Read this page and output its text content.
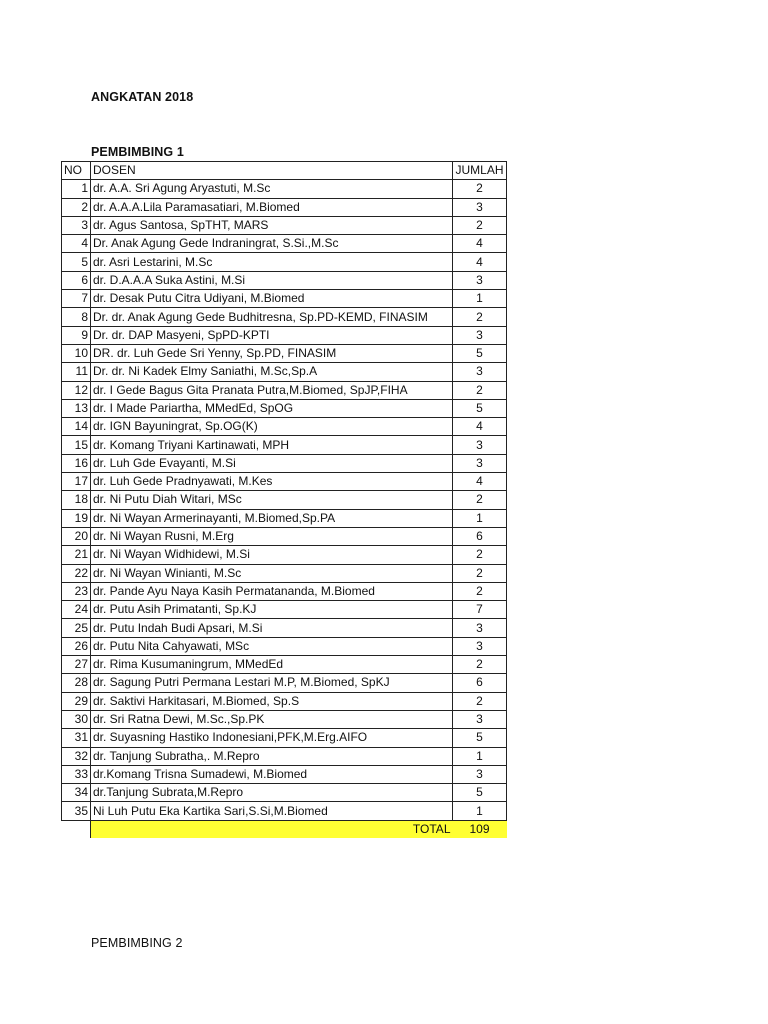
ANGKATAN 2018
PEMBIMBING 1
NO	DOSEN	JUMLAH
1	dr. A.A. Sri Agung Aryastuti, M.Sc	2
2	dr. A.A.A.Lila Paramasatiari, M.Biomed	3
3	dr. Agus Santosa, SpTHT, MARS	2
4	Dr. Anak Agung Gede Indraningrat, S.Si.,M.Sc	4
5	dr. Asri Lestarini, M.Sc	4
6	dr. D.A.A.A Suka Astini, M.Si	3
7	dr. Desak Putu Citra Udiyani, M.Biomed	1
8	Dr. dr. Anak Agung Gede Budhitresna, Sp.PD-KEMD, FINASIM	2
9	Dr. dr. DAP Masyeni, SpPD-KPTI	3
10	DR. dr. Luh Gede Sri Yenny, Sp.PD, FINASIM	5
11	Dr. dr. Ni Kadek Elmy Saniathi, M.Sc,Sp.A	3
12	dr. I Gede Bagus Gita Pranata Putra,M.Biomed, SpJP,FIHA	2
13	dr. I Made Pariartha, MMedEd, SpOG	5
14	dr. IGN Bayuningrat, Sp.OG(K)	4
15	dr. Komang Triyani Kartinawati, MPH	3
16	dr. Luh Gde Evayanti, M.Si	3
17	dr. Luh Gede Pradnyawati, M.Kes	4
18	dr. Ni Putu Diah Witari, MSc	2
19	dr. Ni Wayan Armerinayanti, M.Biomed,Sp.PA	1
20	dr. Ni Wayan Rusni, M.Erg	6
21	dr. Ni Wayan Widhidewi, M.Si	2
22	dr. Ni Wayan Winianti, M.Sc	2
23	dr. Pande Ayu Naya Kasih Permatananda, M.Biomed	2
24	dr. Putu Asih Primatanti, Sp.KJ	7
25	dr. Putu Indah Budi Apsari, M.Si	3
26	dr. Putu Nita Cahyawati, MSc	3
27	dr. Rima Kusumaningrum, MMedEd	2
28	dr. Sagung Putri Permana Lestari M.P, M.Biomed, SpKJ	6
29	dr. Saktivi Harkitasari, M.Biomed, Sp.S	2
30	dr. Sri Ratna Dewi, M.Sc.,Sp.PK	3
31	dr. Suyasning Hastiko Indonesiani,PFK,M.Erg.AIFO	5
32	dr. Tanjung Subratha,. M.Repro	1
33	dr.Komang Trisna Sumadewi, M.Biomed	3
34	dr.Tanjung Subrata,M.Repro	5
35	Ni Luh Putu Eka Kartika Sari,S.Si,M.Biomed	1
	TOTAL	109
PEMBIMBING 2
